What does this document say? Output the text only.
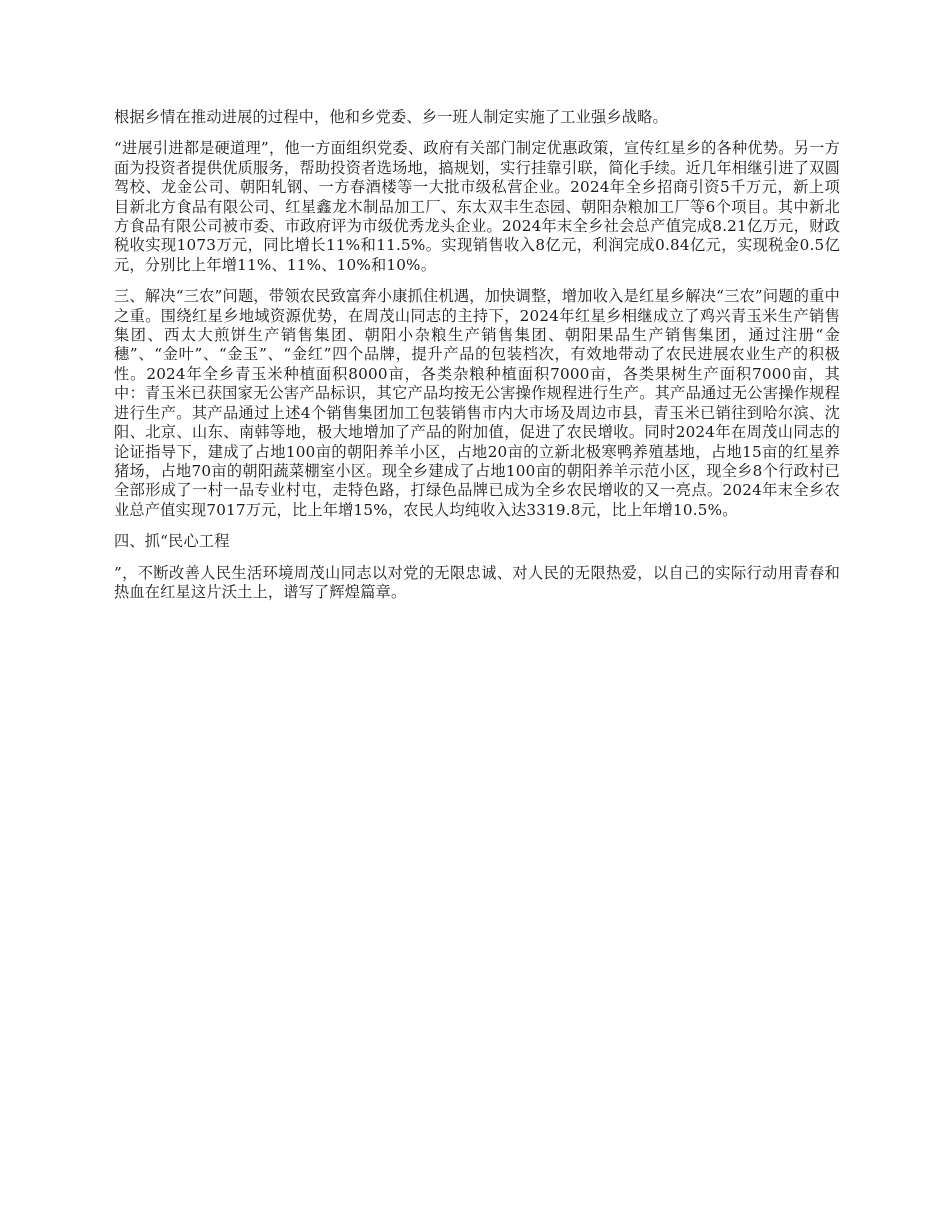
根据乡情在推动进展的过程中，他和乡党委、乡一班人制定实施了工业强乡战略。

“进展引进都是硬道理”，他一方面组织党委、政府有关部门制定优惠政策，宣传红星乡的各种优势。另一方面为投资者提供优质服务，帮助投资者选场地，搞规划，实行挂靠引联，简化手续。近几年相继引进了双圆驾校、龙金公司、朝阳轧钢、一方春酒楼等一大批市级私营企业。2024年全乡招商引资5千万元，新上项目新北方食品有限公司、红星鑫龙木制品加工厂、东太双丰生态园、朝阳杂粮加工厂等6个项目。其中新北方食品有限公司被市委、市政府评为市级优秀龙头企业。2024年末全乡社会总产值完成8.21亿万元，财政税收实现1073万元，同比增长11%和11.5%。实现销售收入8亿元，利润完成0.84亿元，实现税金0.5亿元，分别比上年增11%、11%、10%和10%。

三、解决“三农”问题，带领农民致富奔小康抓住机遇，加快调整，增加收入是红星乡解决“三农”问题的重中之重。围绕红星乡地域资源优势，在周茂山同志的主持下，2024年红星乡相继成立了鸡兴青玉米生产销售集团、西太大煎饼生产销售集团、朝阳小杂粮生产销售集团、朝阳果品生产销售集团，通过注册“金穗”、“金叶”、“金玉”、“金红”四个品牌，提升产品的包装档次，有效地带动了农民进展农业生产的积极性。2024年全乡青玉米种植面积8000亩，各类杂粮种植面积7000亩，各类果树生产面积7000亩，其中：青玉米已获国家无公害产品标识，其它产品均按无公害操作规程进行生产。其产品通过无公害操作规程进行生产。其产品通过上述4个销售集团加工包装销售市内大市场及周边市县，青玉米已销往到哈尔滨、沈阳、北京、山东、南韩等地，极大地增加了产品的附加值，促进了农民增收。同时2024年在周茂山同志的论证指导下，建成了占地100亩的朝阳养羊小区，占地20亩的立新北极寒鸭养殖基地，占地15亩的红星养猪场，占地70亩的朝阳蔬菜棚室小区。现全乡建成了占地100亩的朝阳养羊示范小区，现全乡8个行政村已全部形成了一村一品专业村屯，走特色路，打绿色品牌已成为全乡农民增收的又一亮点。2024年末全乡农业总产值实现7017万元，比上年增15%，农民人均纯收入达3319.8元，比上年增10.5%。

四、抓“民心工程

”，不断改善人民生活环境周茂山同志以对党的无限忠诚、对人民的无限热爱，以自己的实际行动用青春和热血在红星这片沃土上，谱写了辉煌篇章。
